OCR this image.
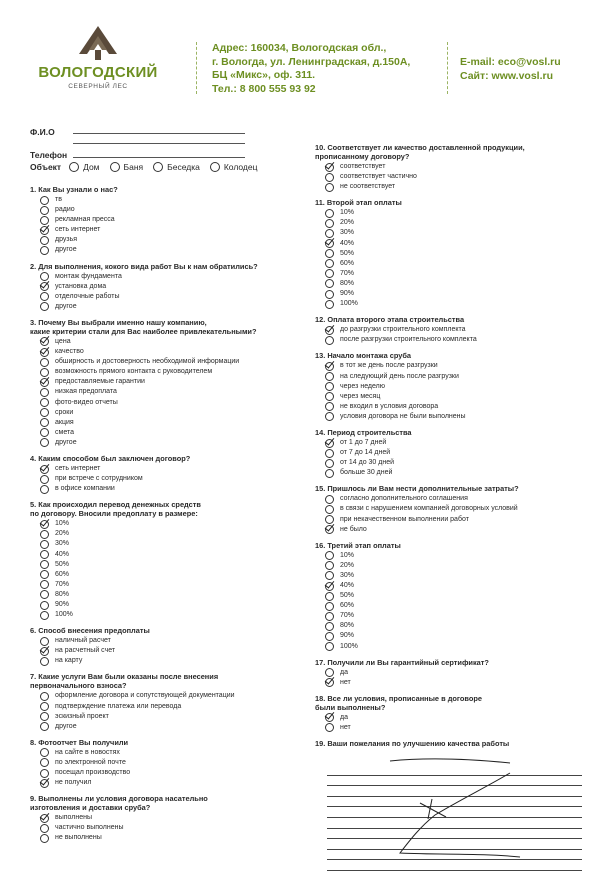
ВОЛОГОДСКИЙ
СЕВЕРНЫЙ ЛЕС
Адрес: 160034, Вологодская обл.,
г. Вологда, ул. Ленинградская, д.150А,
БЦ «Микс», оф. 311.
Тел.: 8 800 555 93 92
E-mail: eco@vosl.ru
Сайт: www.vosl.ru
Ф.И.О
Телефон
Объект	Дом	Баня	Беседка	Колодец
1. Как Вы узнали о нас?
тв
радио
рекламная пресса
сеть интернет
друзья
другое
2. Для выполнения, кокого вида работ Вы к нам обратились?
монтаж фундамента
установка дома
отделочные работы
другое
3. Почему Вы выбрали именно нашу компанию,
какие критерии стали для Вас наиболее привлекательными?
цена
качество
обширность и достоверность необходимой информации
возможность прямого контакта с руководителем
предоставляемые гарантии
низкая предоплата
фото-видео отчеты
сроки
акция
смета
другое
4. Каким способом был заключен договор?
сеть интернет
при встрече с сотрудником
в офисе компании
5. Как происходил перевод денежных средств
по договору. Вносили предоплату в размере:
10%
20%
30%
40%
50%
60%
70%
80%
90%
100%
6. Способ внесения предоплаты
наличный расчет
на расчетный счет
на карту
7. Какие услуги Вам были оказаны после внесения
первоначального взноса?
оформление договора и сопутствующей документации
подтверждение платежа или перевода
эскизный проект
другое
8. Фотоотчет Вы получили
на сайте в новостях
по электронной почте
посещал производство
не получил
9. Выполнены ли условия договора насательно
изготовления и доставки сруба?
выполнены
частично выполнены
не выполнены
10. Соответствует ли качество доставленной продукции,
прописанному договору?
соответствует
соответствует частично
не соответствует
11. Второй этап оплаты
10%
20%
30%
40%
50%
60%
70%
80%
90%
100%
12. Оплата второго этапа строительства
до разгрузки строительного комплекта
после разгрузки строительного комплекта
13. Начало монтажа сруба
в тот же день после разгрузки
на следующий день после разгрузки
через неделю
через месяц
не входил в условия договора
условия договора не были выполнены
14. Период строительства
от 1 до 7 дней
от 7 до 14 дней
от 14 до 30 дней
больше 30 дней
15. Пришлось ли Вам нести дополнительные затраты?
согласно дополнительного соглашения
в связи с нарушением компанией договорных условий
при некачественном выполнении работ
не было
16. Третий этап оплаты
10%
20%
30%
40%
50%
60%
70%
80%
90%
100%
17. Получили ли Вы гарантийный сертификат?
да
нет
18. Все ли условия, прописанные в договоре
были выполнены?
да
нет
19. Ваши пожелания по улучшению качества работы
